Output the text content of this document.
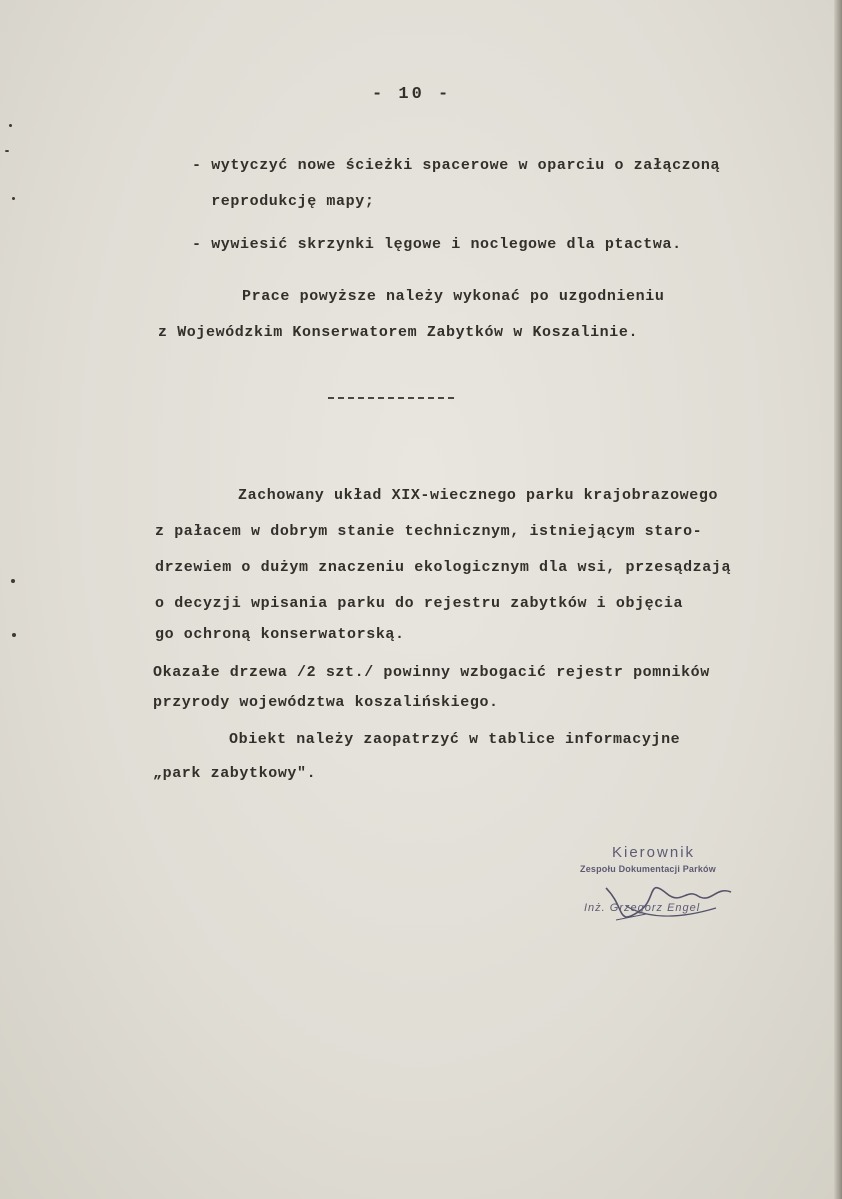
- 10 -
- wytyczyć nowe ścieżki spacerowe w oparciu o załączoną
reprodukcję mapy;
- wywiesić skrzynki lęgowe i noclegowe dla ptactwa.
Prace powyższe należy wykonać po uzgodnieniu
z Wojewódzkim Konserwatorem Zabytków w Koszalinie.
Zachowany układ XIX-wiecznego parku krajobrazowego
z pałacem w dobrym stanie technicznym, istniejącym staro-
drzewiem o dużym znaczeniu ekologicznym dla wsi, przesądzają
o decyzji wpisania parku do rejestru zabytków i objęcia
go ochroną konserwatorską.
Okazałe drzewa /2 szt./ powinny wzbogacić rejestr pomników
przyrody województwa koszalińskiego.
Obiekt należy zaopatrzyć w tablice informacyjne
„park zabytkowy".
Kierownik
Zespołu Dokumentacji Parków
Inż. Grzegorz Engel
